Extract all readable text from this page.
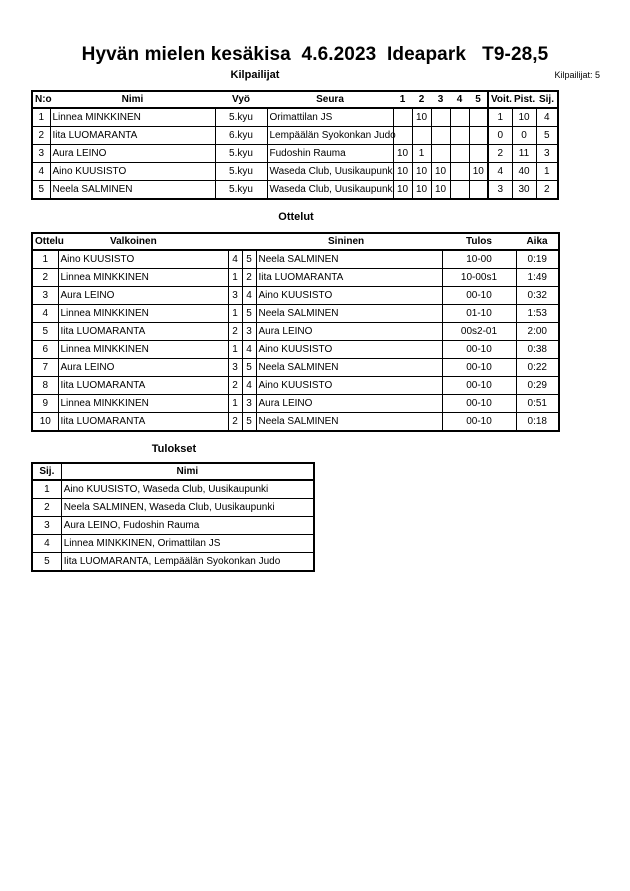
Hyvän mielen kesäkisa  4.6.2023  Ideapark   T9-28,5
Kilpailijat	Kilpailijat: 5
N:o	Nimi	Vyö	Seura	1	2	3	4	5	Voit.	Pist.	Sij.
1	Linnea MINKKINEN	5.kyu	Orimattilan JS		10				1	10	4
2	Iita LUOMARANTA	6.kyu	Lempäälän Syokonkan Judo						0	0	5
3	Aura LEINO	5.kyu	Fudoshin Rauma	10	1				2	11	3
4	Aino KUUSISTO	5.kyu	Waseda Club, Uusikaupunki	10	10	10		10	4	40	1
5	Neela SALMINEN	5.kyu	Waseda Club, Uusikaupunki	10	10	10			3	30	2
Ottelut
Ottelu	Valkoinen			Sininen	Tulos	Aika
1	Aino KUUSISTO	4	5	Neela SALMINEN	10-00	0:19
2	Linnea MINKKINEN	1	2	Iita LUOMARANTA	10-00s1	1:49
3	Aura LEINO	3	4	Aino KUUSISTO	00-10	0:32
4	Linnea MINKKINEN	1	5	Neela SALMINEN	01-10	1:53
5	Iita LUOMARANTA	2	3	Aura LEINO	00s2-01	2:00
6	Linnea MINKKINEN	1	4	Aino KUUSISTO	00-10	0:38
7	Aura LEINO	3	5	Neela SALMINEN	00-10	0:22
8	Iita LUOMARANTA	2	4	Aino KUUSISTO	00-10	0:29
9	Linnea MINKKINEN	1	3	Aura LEINO	00-10	0:51
10	Iita LUOMARANTA	2	5	Neela SALMINEN	00-10	0:18
Tulokset
Sij.	Nimi
1	Aino KUUSISTO, Waseda Club, Uusikaupunki
2	Neela SALMINEN, Waseda Club, Uusikaupunki
3	Aura LEINO, Fudoshin Rauma
4	Linnea MINKKINEN, Orimattilan JS
5	Iita LUOMARANTA, Lempäälän Syokonkan Judo
